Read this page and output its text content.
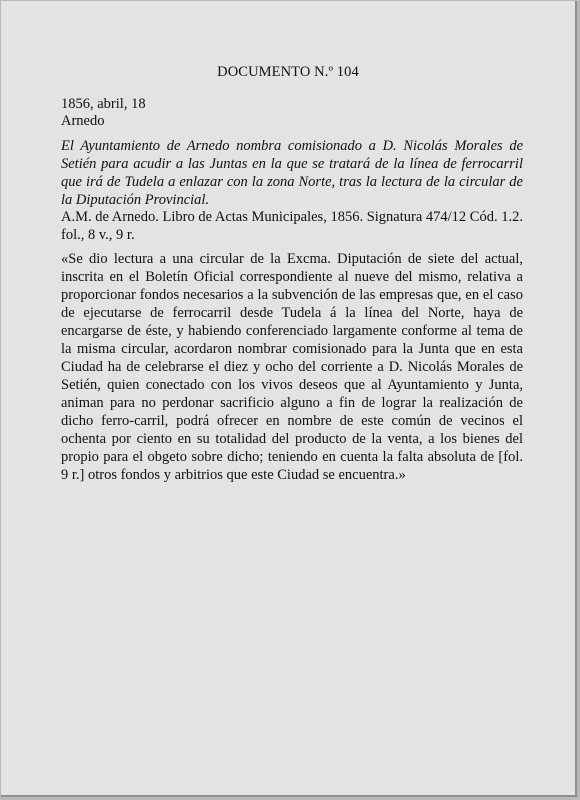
DOCUMENTO N.º 104
1856, abril, 18
Arnedo
El Ayuntamiento de Arnedo nombra comisionado a D. Nicolás Morales de Setién para acudir a las Juntas en la que se tratará de la línea de ferrocarril que irá de Tudela a enlazar con la zona Norte, tras la lectura de la circular de la Diputación Provincial.
A.M. de Arnedo. Libro de Actas Municipales, 1856. Signatura 474/12 Cód. 1.2. fol., 8 v., 9 r.
«Se dio lectura a una circular de la Excma. Diputación de siete del actual, inscrita en el Boletín Oficial correspondiente al nueve del mismo, relativa a proporcionar fondos necesarios a la subvención de las empresas que, en el caso de ejecutarse de ferrocarril desde Tudela á la línea del Norte, haya de encargarse de éste, y habiendo conferenciado largamente conforme al tema de la misma circular, acordaron nombrar comisionado para la Junta que en esta Ciudad ha de celebrarse el diez y ocho del corriente a D. Nicolás Morales de Setién, quien conectado con los vivos deseos que al Ayuntamiento y Junta, animan para no perdonar sacrificio alguno a fin de lograr la realización de dicho ferro-carril, podrá ofrecer en nombre de este común de vecinos el ochenta por ciento en su totalidad del producto de la venta, a los bienes del propio para el obgeto sobre dicho; teniendo en cuenta la falta absoluta de [fol. 9 r.] otros fondos y arbitrios que este Ciudad se encuentra.»
